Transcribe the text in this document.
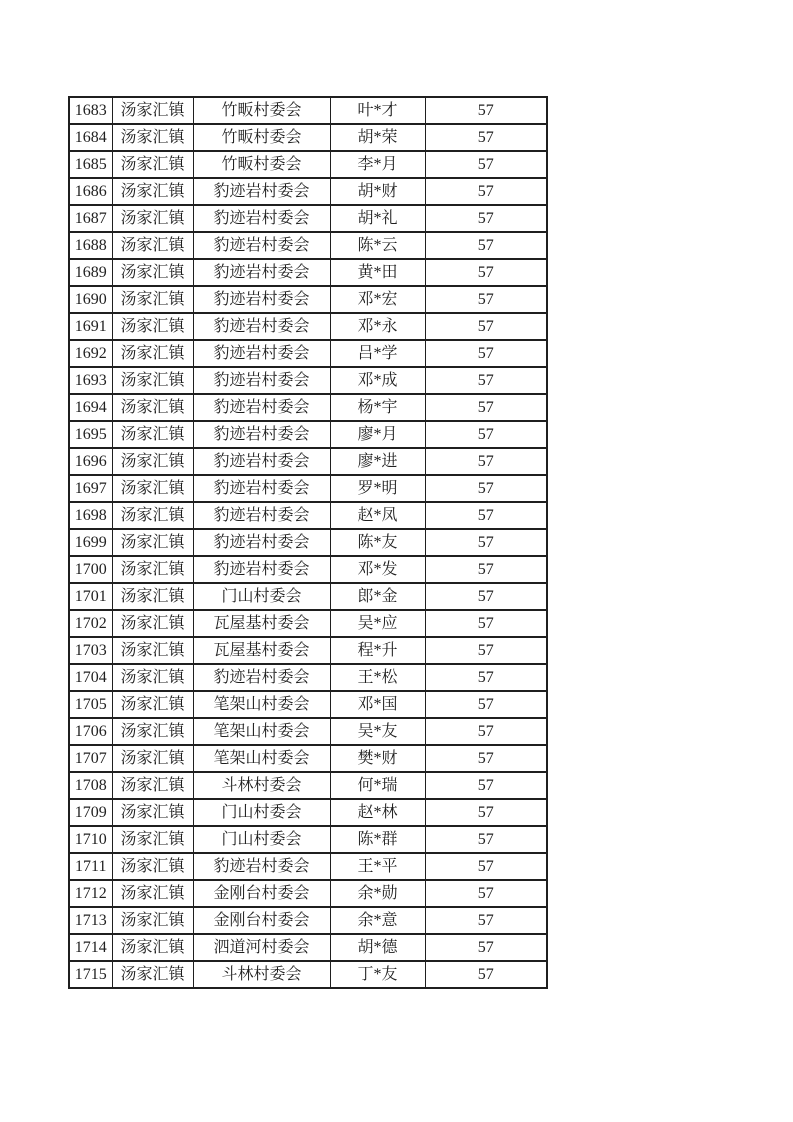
1683	汤家汇镇	竹畈村委会	叶*才	57
1684	汤家汇镇	竹畈村委会	胡*荣	57
1685	汤家汇镇	竹畈村委会	李*月	57
1686	汤家汇镇	豹迹岩村委会	胡*财	57
1687	汤家汇镇	豹迹岩村委会	胡*礼	57
1688	汤家汇镇	豹迹岩村委会	陈*云	57
1689	汤家汇镇	豹迹岩村委会	黄*田	57
1690	汤家汇镇	豹迹岩村委会	邓*宏	57
1691	汤家汇镇	豹迹岩村委会	邓*永	57
1692	汤家汇镇	豹迹岩村委会	吕*学	57
1693	汤家汇镇	豹迹岩村委会	邓*成	57
1694	汤家汇镇	豹迹岩村委会	杨*宇	57
1695	汤家汇镇	豹迹岩村委会	廖*月	57
1696	汤家汇镇	豹迹岩村委会	廖*进	57
1697	汤家汇镇	豹迹岩村委会	罗*明	57
1698	汤家汇镇	豹迹岩村委会	赵*凤	57
1699	汤家汇镇	豹迹岩村委会	陈*友	57
1700	汤家汇镇	豹迹岩村委会	邓*发	57
1701	汤家汇镇	门山村委会	郎*金	57
1702	汤家汇镇	瓦屋基村委会	吴*应	57
1703	汤家汇镇	瓦屋基村委会	程*升	57
1704	汤家汇镇	豹迹岩村委会	王*松	57
1705	汤家汇镇	笔架山村委会	邓*国	57
1706	汤家汇镇	笔架山村委会	吴*友	57
1707	汤家汇镇	笔架山村委会	樊*财	57
1708	汤家汇镇	斗林村委会	何*瑞	57
1709	汤家汇镇	门山村委会	赵*林	57
1710	汤家汇镇	门山村委会	陈*群	57
1711	汤家汇镇	豹迹岩村委会	王*平	57
1712	汤家汇镇	金刚台村委会	余*勋	57
1713	汤家汇镇	金刚台村委会	余*意	57
1714	汤家汇镇	泗道河村委会	胡*德	57
1715	汤家汇镇	斗林村委会	丁*友	57
